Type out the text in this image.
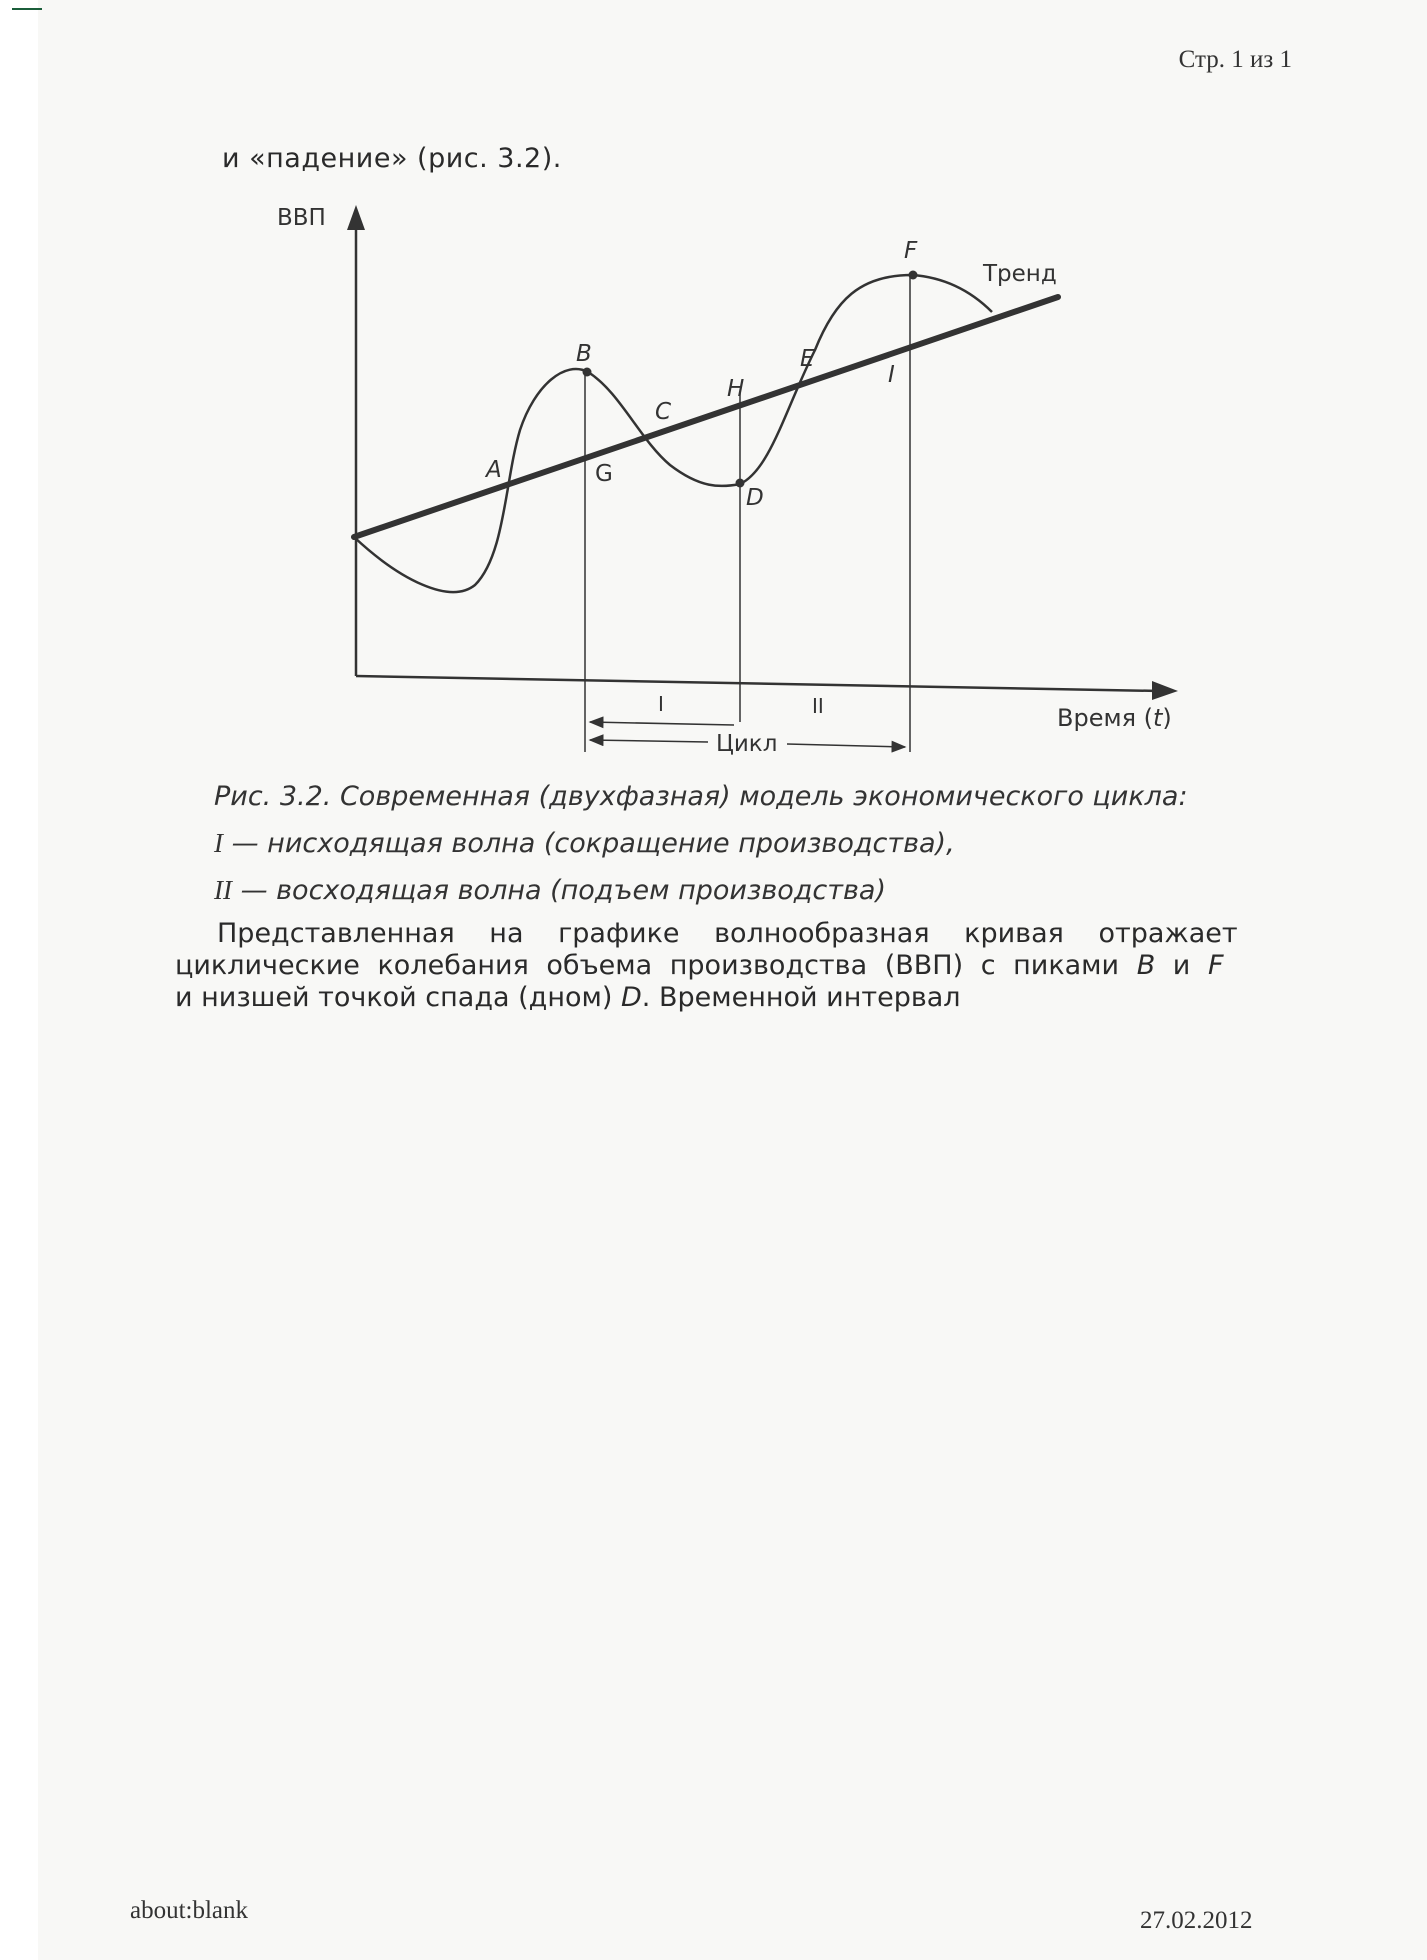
Стр. 1 из 1
и «падение» (рис. 3.2).
ВВП
Время (t)
A
B
C
D
E
F
G
H
I
Тренд
I	II
Цикл
Рис. 3.2. Современная (двухфазная) модель экономического цикла:
I — нисходящая волна (сокращение производства),
II — восходящая волна (подъем производства)
Представленная на графике волнообразная кривая отражает
циклические колебания объема производства (ВВП) с пиками B и F
и низшей точкой спада (дном) D. Временной интервал
about:blank	27.02.2012
